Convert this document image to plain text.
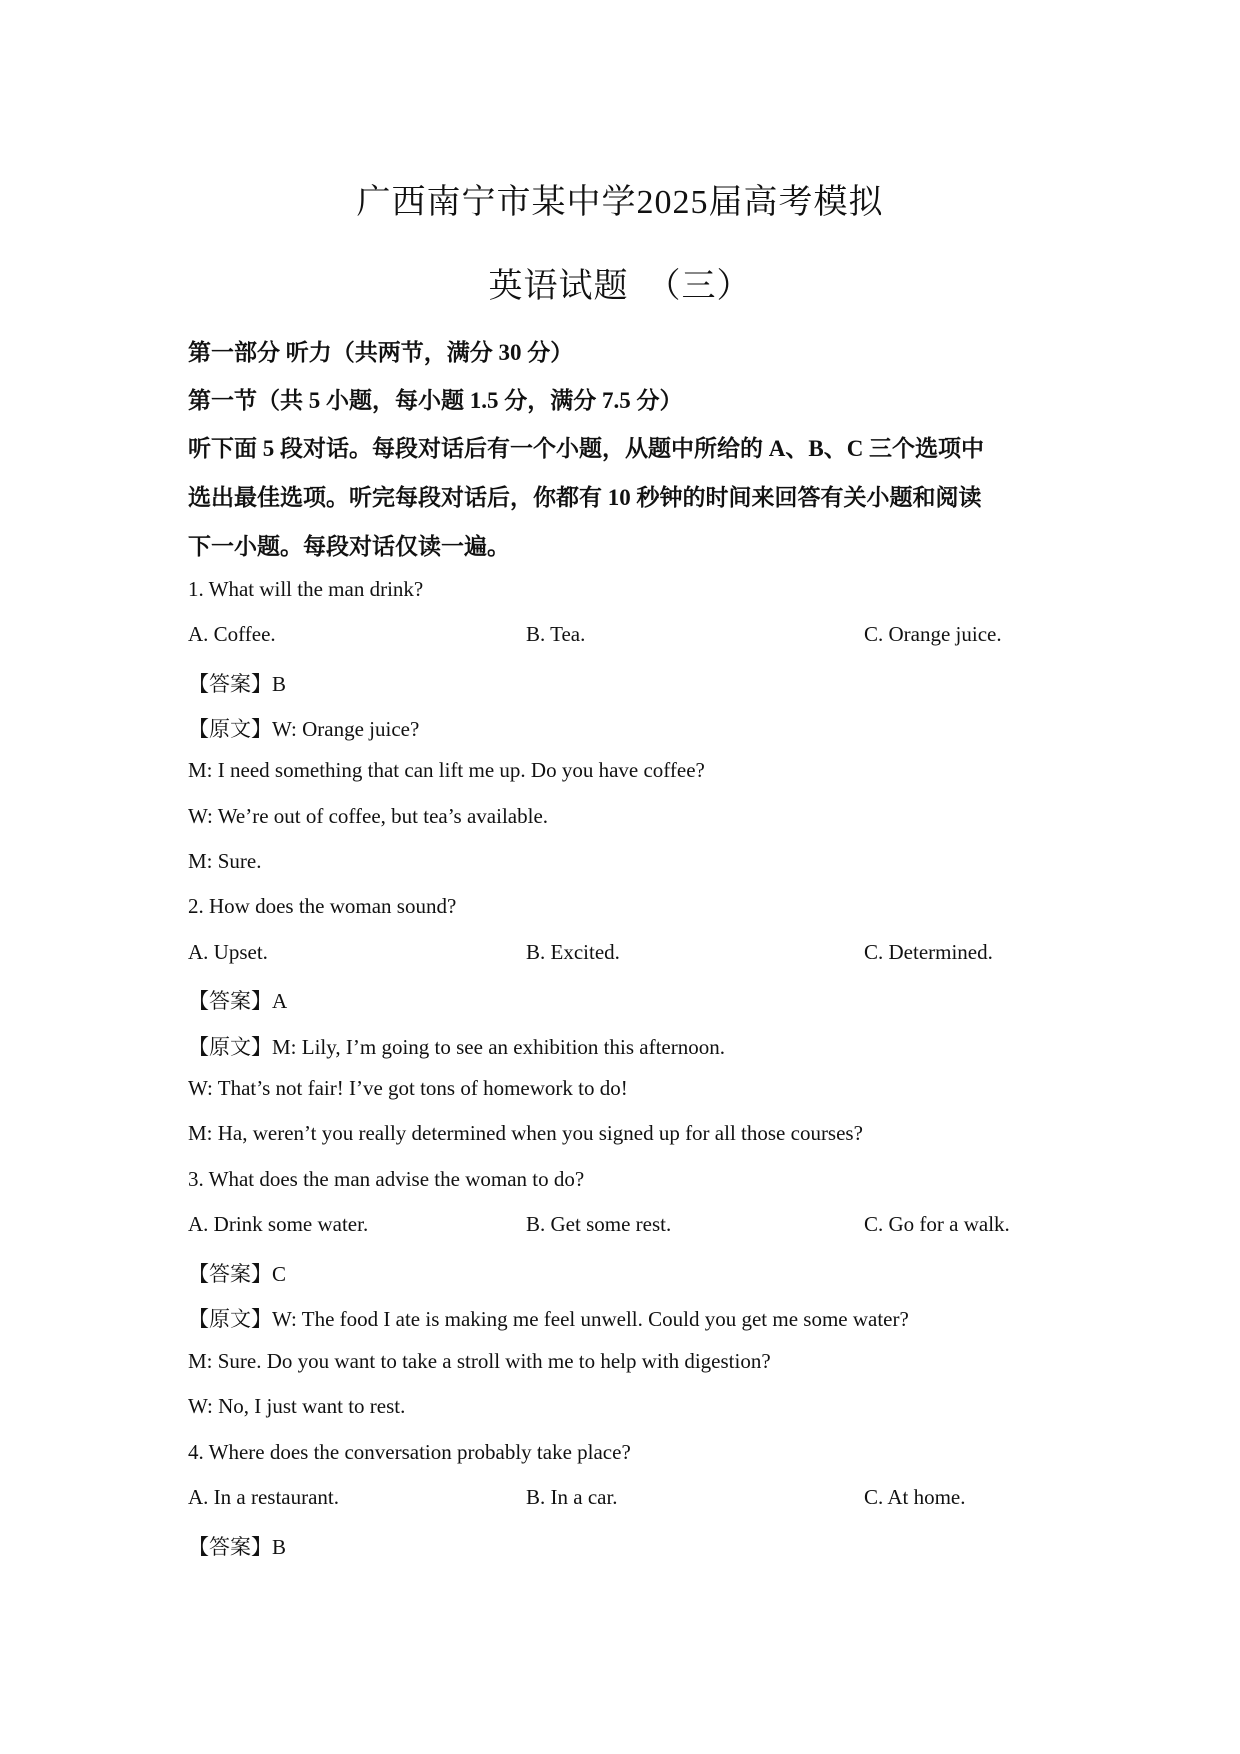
广西南宁市某中学2025届高考模拟
英语试题　（三）
第一部分 听力（共两节，满分 30 分）
第一节（共 5 小题，每小题 1.5 分，满分 7.5 分）
听下面 5 段对话。每段对话后有一个小题，从题中所给的 A、B、C 三个选项中
选出最佳选项。听完每段对话后，你都有 10 秒钟的时间来回答有关小题和阅读
下一小题。每段对话仅读一遍。
1. What will the man drink?
A. Coffee.	B. Tea.	C. Orange juice.
【答案】B
【原文】W: Orange juice?
M: I need something that can lift me up. Do you have coffee?
W: We’re out of coffee, but tea’s available.
M: Sure.
2. How does the woman sound?
A. Upset.	B. Excited.	C. Determined.
【答案】A
【原文】M: Lily, I’m going to see an exhibition this afternoon.
W: That’s not fair! I’ve got tons of homework to do!
M: Ha, weren’t you really determined when you signed up for all those courses?
3. What does the man advise the woman to do?
A. Drink some water.	B. Get some rest.	C. Go for a walk.
【答案】C
【原文】W: The food I ate is making me feel unwell. Could you get me some water?
M: Sure. Do you want to take a stroll with me to help with digestion?
W: No, I just want to rest.
4. Where does the conversation probably take place?
A. In a restaurant.	B. In a car.	C. At home.
【答案】B
